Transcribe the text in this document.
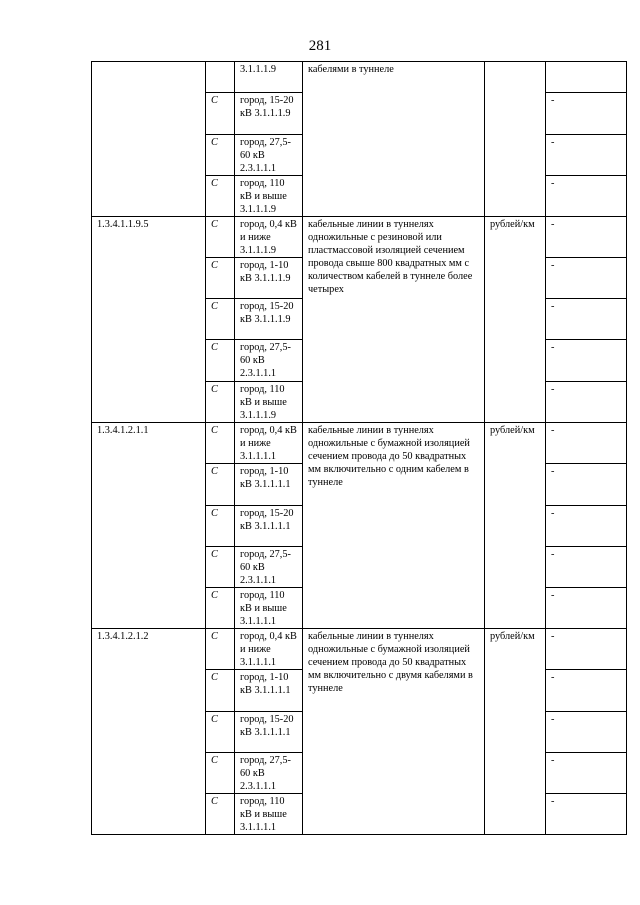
281
		3.1.1.1.9	кабелями в туннеле		
	C	город, 15-20 кВ 3.1.1.1.9			-
	C	город, 27,5-60 кВ 2.3.1.1.1			-
	C	город, 110 кВ и выше 3.1.1.1.9			-
1.3.4.1.1.9.5	C	город, 0,4 кВ и ниже 3.1.1.1.9	кабельные линии в туннелях одножильные с резиновой или пластмассовой изоляцией сечением провода свыше 800 квадратных мм с количеством кабелей в туннеле более четырех	рублей/км	-
	C	город, 1-10 кВ 3.1.1.1.9			-
	C	город, 15-20 кВ 3.1.1.1.9			-
	C	город, 27,5-60 кВ 2.3.1.1.1			-
	C	город, 110 кВ и выше 3.1.1.1.9			-
1.3.4.1.2.1.1	C	город, 0,4 кВ и ниже 3.1.1.1.1	кабельные линии в туннелях одножильные с бумажной изоляцией сечением провода до 50 квадратных мм включительно с одним кабелем в туннеле	рублей/км	-
	C	город, 1-10 кВ 3.1.1.1.1			-
	C	город, 15-20 кВ 3.1.1.1.1			-
	C	город, 27,5-60 кВ 2.3.1.1.1			-
	C	город, 110 кВ и выше 3.1.1.1.1			-
1.3.4.1.2.1.2	C	город, 0,4 кВ и ниже 3.1.1.1.1	кабельные линии в туннелях одножильные с бумажной изоляцией сечением провода до 50 квадратных мм включительно с двумя кабелями в туннеле	рублей/км	-
	C	город, 1-10 кВ 3.1.1.1.1			-
	C	город, 15-20 кВ 3.1.1.1.1			-
	C	город, 27,5-60 кВ 2.3.1.1.1			-
	C	город, 110 кВ и выше 3.1.1.1.1			-
